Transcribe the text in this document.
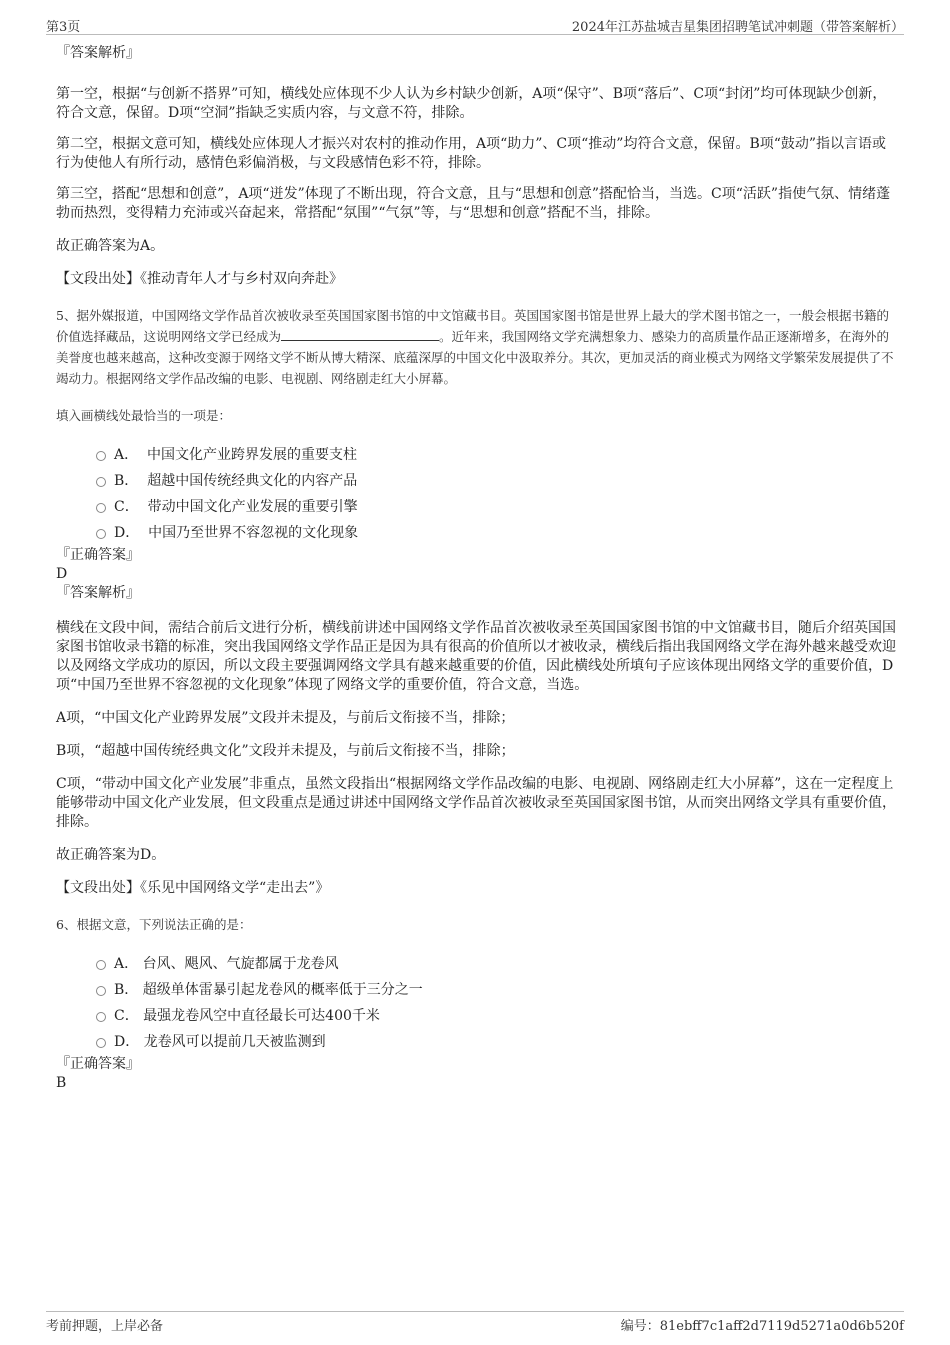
第3页	2024年江苏盐城吉星集团招聘笔试冲刺题（带答案解析）

『答案解析』

第一空，根据“与创新不搭界”可知，横线处应体现不少人认为乡村缺少创新，A项“保守”、B项“落后”、C项“封闭”均可体现缺少创新，符合文意，保留。D项“空洞”指缺乏实质内容，与文意不符，排除。

第二空，根据文意可知，横线处应体现人才振兴对农村的推动作用，A项“助力”、C项“推动”均符合文意，保留。B项“鼓动”指以言语或行为使他人有所行动，感情色彩偏消极，与文段感情色彩不符，排除。

第三空，搭配“思想和创意”，A项“迸发”体现了不断出现，符合文意，且与“思想和创意”搭配恰当，当选。C项“活跃”指使气氛、情绪蓬勃而热烈，变得精力充沛或兴奋起来，常搭配“氛围”“气氛”等，与“思想和创意”搭配不当，排除。

故正确答案为A。

【文段出处】《推动青年人才与乡村双向奔赴》

5、据外媒报道，中国网络文学作品首次被收录至英国国家图书馆的中文馆藏书目。英国国家图书馆是世界上最大的学术图书馆之一，一般会根据书籍的价值选择藏品，这说明网络文学已经成为	。近年来，我国网络文学充满想象力、感染力的高质量作品正逐渐增多，在海外的美誉度也越来越高，这种改变源于网络文学不断从博大精深、底蕴深厚的中国文化中汲取养分。其次，更加灵活的商业模式为网络文学繁荣发展提供了不竭动力。根据网络文学作品改编的电影、电视剧、网络剧走红大小屏幕。

填入画横线处最恰当的一项是：

A． 中国文化产业跨界发展的重要支柱
B． 超越中国传统经典文化的内容产品
C． 带动中国文化产业发展的重要引擎
D． 中国乃至世界不容忽视的文化现象

『正确答案』

D

『答案解析』

横线在文段中间，需结合前后文进行分析，横线前讲述中国网络文学作品首次被收录至英国国家图书馆的中文馆藏书目，随后介绍英国国家图书馆收录书籍的标准，突出我国网络文学作品正是因为具有很高的价值所以才被收录，横线后指出我国网络文学在海外越来越受欢迎以及网络文学成功的原因，所以文段主要强调网络文学具有越来越重要的价值，因此横线处所填句子应该体现出网络文学的重要价值，D项“中国乃至世界不容忽视的文化现象”体现了网络文学的重要价值，符合文意，当选。

A项，“中国文化产业跨界发展”文段并未提及，与前后文衔接不当，排除；

B项，“超越中国传统经典文化”文段并未提及，与前后文衔接不当，排除；

C项，“带动中国文化产业发展”非重点，虽然文段指出“根据网络文学作品改编的电影、电视剧、网络剧走红大小屏幕”，这在一定程度上能够带动中国文化产业发展，但文段重点是通过讲述中国网络文学作品首次被收录至英国国家图书馆，从而突出网络文学具有重要价值，排除。

故正确答案为D。

【文段出处】《乐见中国网络文学“走出去”》

6、根据文意，下列说法正确的是：

A． 台风、飓风、气旋都属于龙卷风
B． 超级单体雷暴引起龙卷风的概率低于三分之一
C． 最强龙卷风空中直径最长可达400千米
D． 龙卷风可以提前几天被监测到

『正确答案』

B

考前押题，上岸必备	编号：81ebff7c1aff2d7119d5271a0d6b520f
